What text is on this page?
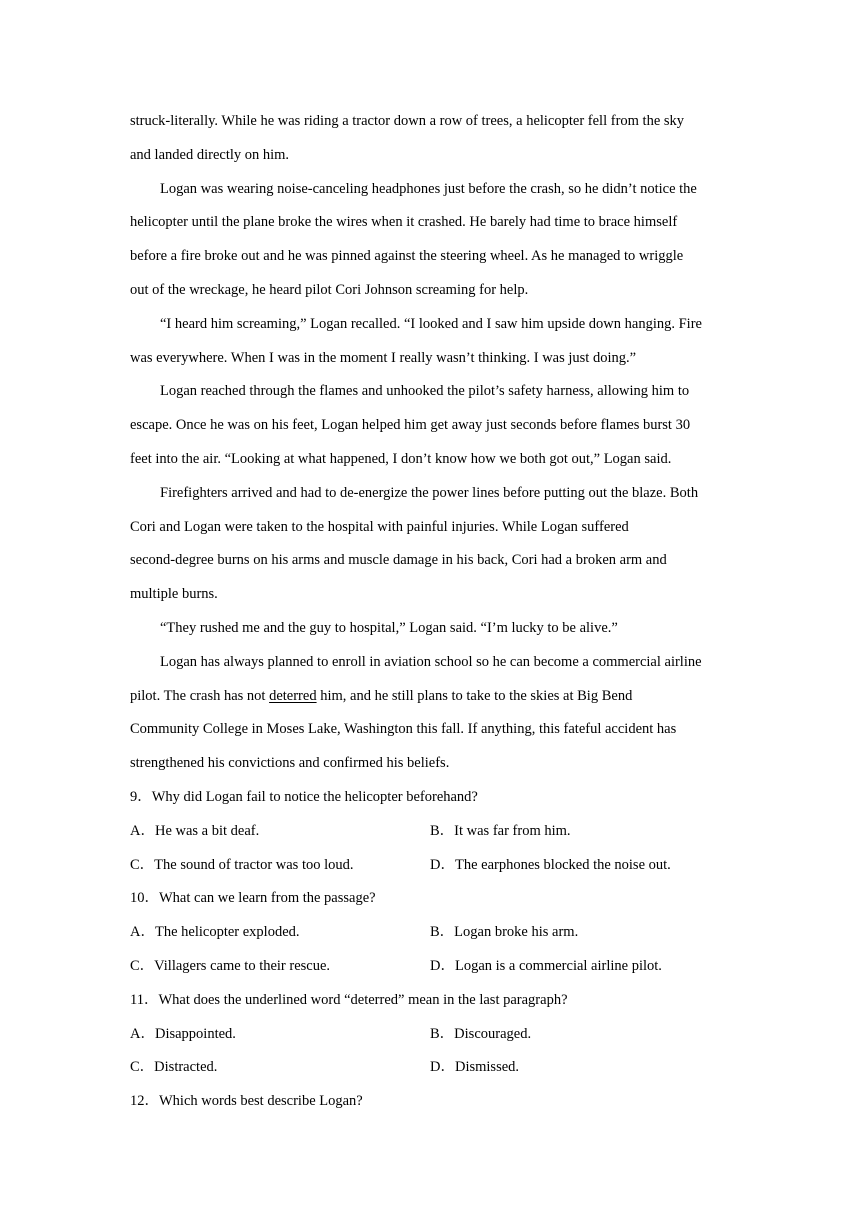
struck-literally. While he was riding a tractor down a row of trees, a helicopter fell from the sky
and landed directly on him.
Logan was wearing noise-canceling headphones just before the crash, so he didn’t notice the
helicopter until the plane broke the wires when it crashed. He barely had time to brace himself
before a fire broke out and he was pinned against the steering wheel. As he managed to wriggle
out of the wreckage, he heard pilot Cori Johnson screaming for help.
“I heard him screaming,” Logan recalled. “I looked and I saw him upside down hanging. Fire
was everywhere. When I was in the moment I really wasn’t thinking. I was just doing.”
Logan reached through the flames and unhooked the pilot’s safety harness, allowing him to
escape. Once he was on his feet, Logan helped him get away just seconds before flames burst 30
feet into the air. “Looking at what happened, I don’t know how we both got out,” Logan said.
Firefighters arrived and had to de-energize the power lines before putting out the blaze. Both
Cori and Logan were taken to the hospital with painful injuries. While Logan suffered
second-degree burns on his arms and muscle damage in his back, Cori had a broken arm and
multiple burns.
“They rushed me and the guy to hospital,” Logan said. “I’m lucky to be alive.”
Logan has always planned to enroll in aviation school so he can become a commercial airline
pilot. The crash has not deterred him, and he still plans to take to the skies at Big Bend
Community College in Moses Lake, Washington this fall. If anything, this fateful accident has
strengthened his convictions and confirmed his beliefs.
9．Why did Logan fail to notice the helicopter beforehand?
A．He was a bit deaf.	B．It was far from him.
C．The sound of tractor was too loud.	D．The earphones blocked the noise out.
10．What can we learn from the passage?
A．The helicopter exploded.	B．Logan broke his arm.
C．Villagers came to their rescue.	D．Logan is a commercial airline pilot.
11．What does the underlined word “deterred” mean in the last paragraph?
A．Disappointed.	B．Discouraged.
C．Distracted.	D．Dismissed.
12．Which words best describe Logan?
